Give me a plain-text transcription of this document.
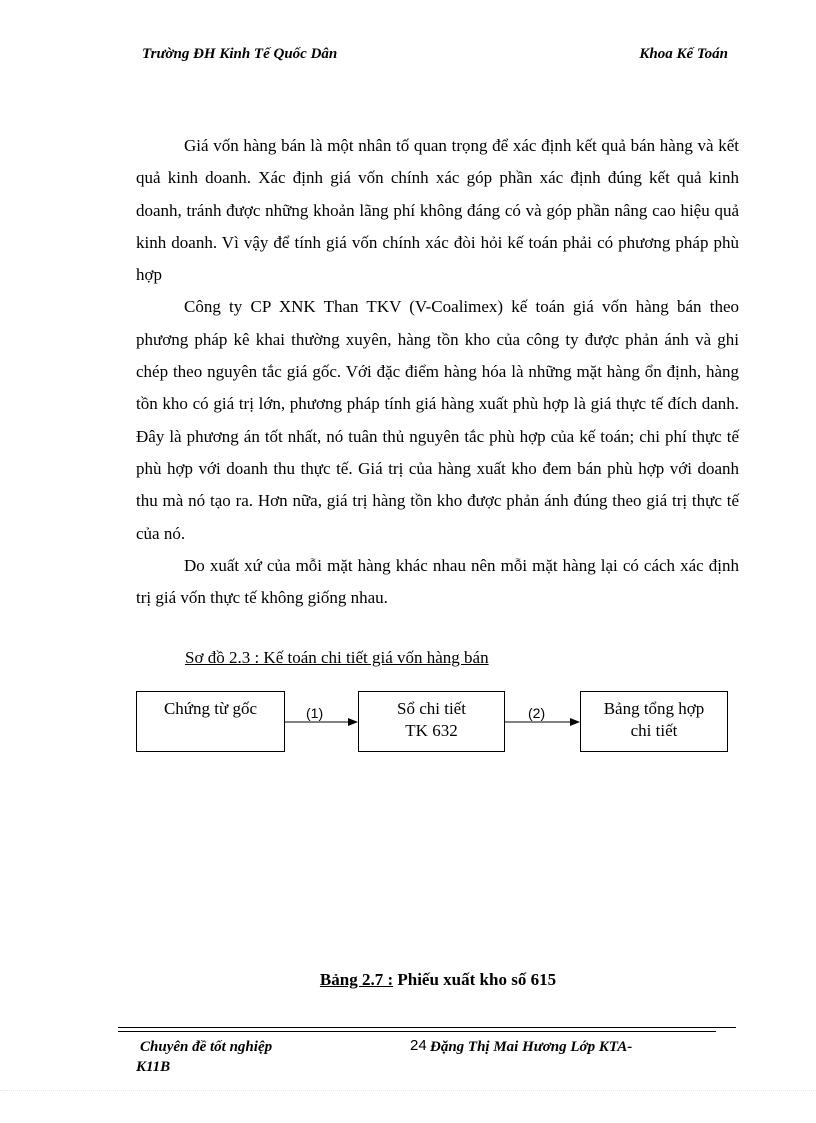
Trường ĐH Kinh Tế Quốc Dân	Khoa Kế Toán

Giá vốn hàng bán là một nhân tố quan trọng để xác định kết quả bán hàng và kết quả kinh doanh. Xác định giá vốn chính xác góp phần xác định đúng kết quả kinh doanh, tránh được những khoản lãng phí không đáng có và góp phần nâng cao hiệu quả kinh doanh. Vì vậy để tính giá vốn chính xác đòi hỏi kế toán phải có phương pháp phù hợp

Công ty CP XNK Than TKV (V-Coalimex) kế toán giá vốn hàng bán theo phương pháp kê khai thường xuyên, hàng tồn kho của công ty được phản ánh và ghi chép theo nguyên tắc giá gốc. Với đặc điểm hàng hóa là những mặt hàng ổn định, hàng tồn kho có giá trị lớn, phương pháp tính giá hàng xuất phù hợp là giá thực tế đích danh. Đây là phương án tốt nhất, nó tuân thủ nguyên tắc phù hợp của kế toán; chi phí thực tế phù hợp với doanh thu thực tế. Giá trị của hàng xuất kho đem bán phù hợp với doanh thu mà nó tạo ra. Hơn nữa, giá trị hàng tồn kho được phản ánh đúng theo giá trị thực tế của nó.

Do xuất xứ của mỗi mặt hàng khác nhau nên mỗi mặt hàng lại có cách xác định trị giá vốn thực tế không giống nhau.

Sơ đồ 2.3 : Kế toán chi tiết giá vốn hàng bán
Chứng từ gốc	Sổ chi tiết
TK 632
Bảng tổng hợp
chi tiết
(1)	(2)
Bảng 2.7 : Phiếu xuất kho số 615
Chuyên đề tốt nghiệp	24 Đặng Thị Mai Hương Lớp KTA-
K11B
